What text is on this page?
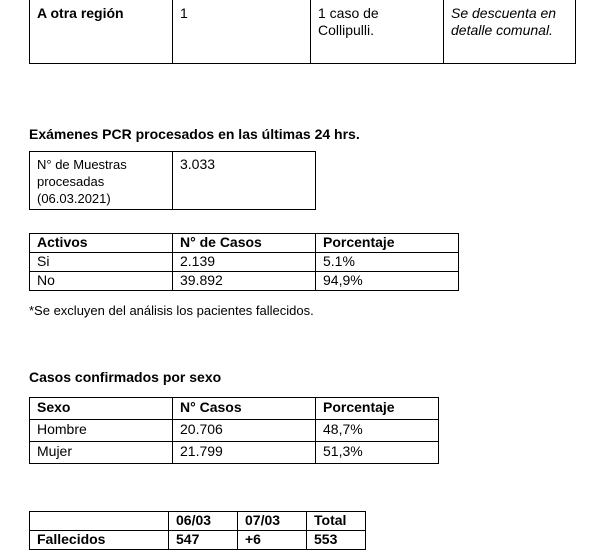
A otra región	1	1 caso de Collipulli.	Se descuenta en detalle comunal.

Exámenes PCR procesados en las últimas 24 hrs.

N° de Muestras procesadas (06.03.2021)	3.033
Activos	N° de Casos	Porcentaje
Si	2.139	5.1%
No	39.892	94,9%

*Se excluyen del análisis los pacientes fallecidos.

Casos confirmados por sexo

Sexo	N° Casos	Porcentaje
Hombre	20.706	48,7%
Mujer	21.799	51,3%
	06/03	07/03	Total
Fallecidos	547	+6	553
